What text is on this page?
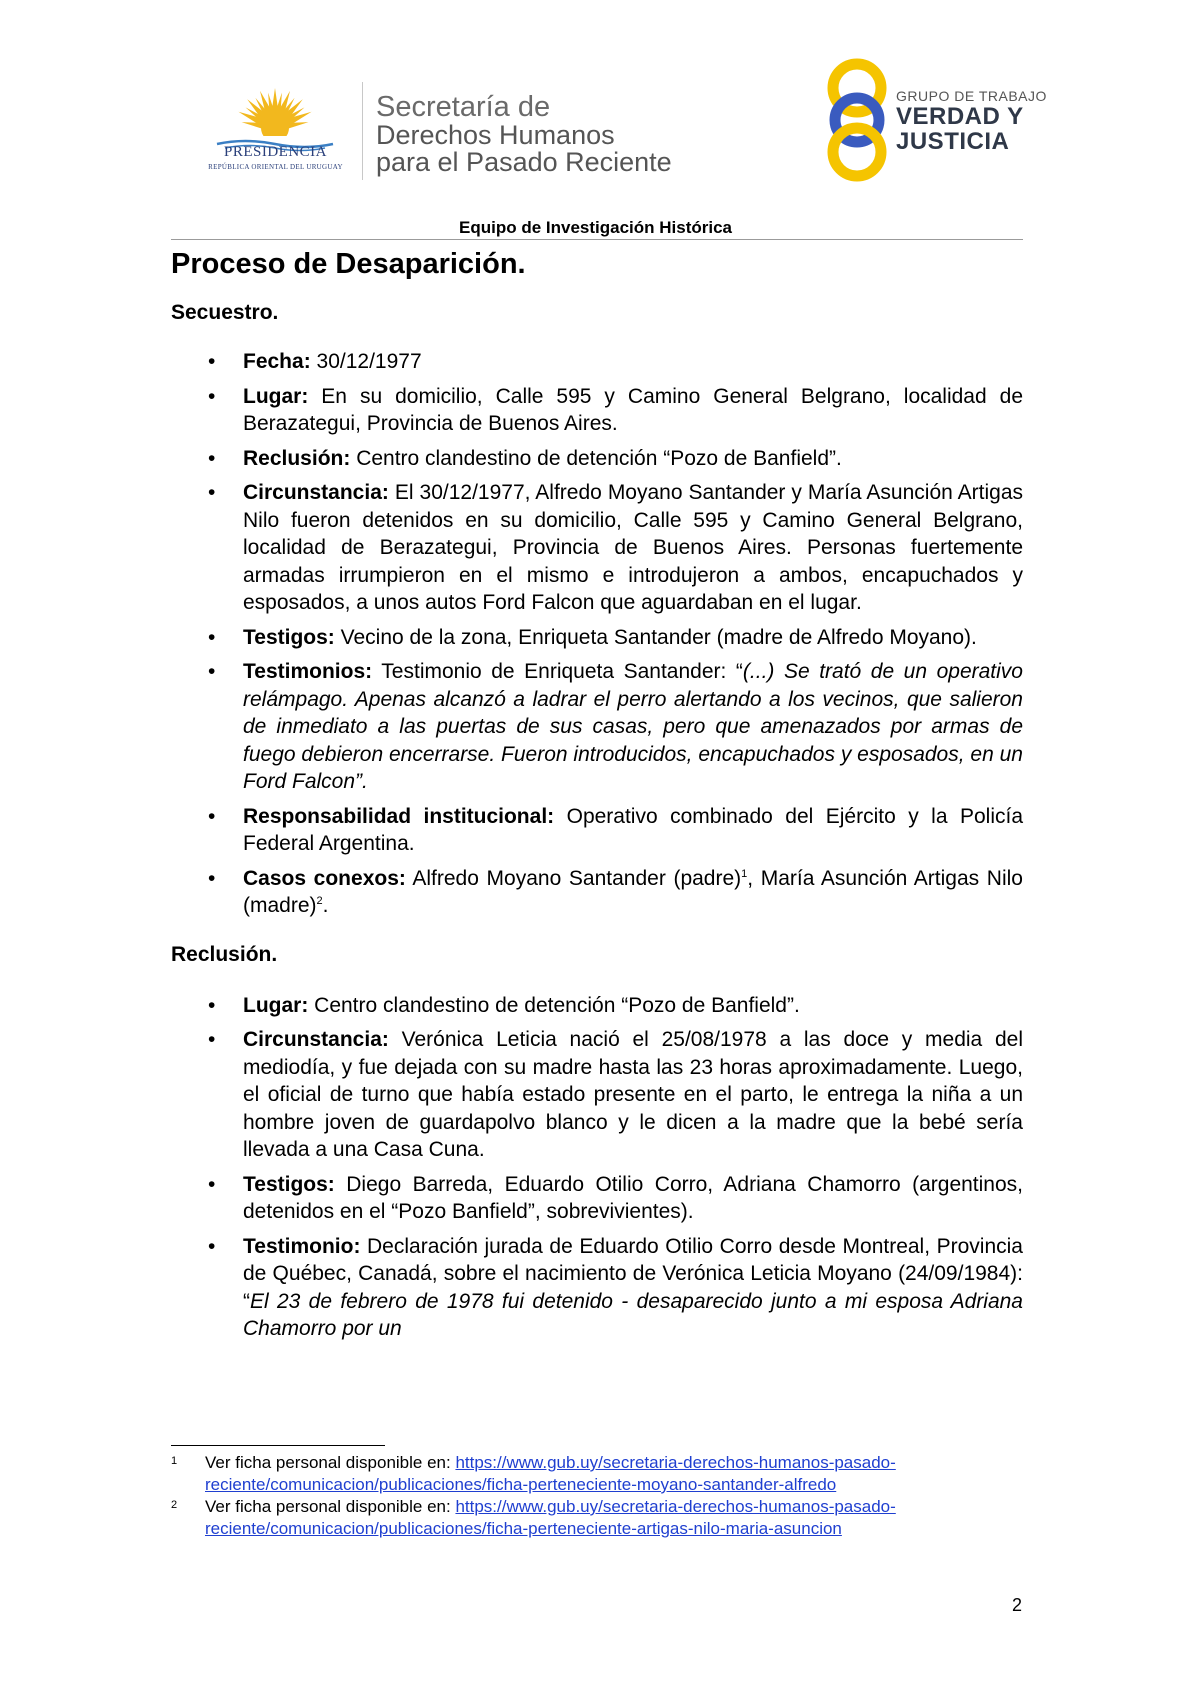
PRESIDENCIA
REPÚBLICA ORIENTAL DEL URUGUAY
Secretaría de
Derechos Humanos
para el Pasado Reciente
GRUPO DE TRABAJO
VERDAD Y
JUSTICIA
Equipo de Investigación Histórica
Proceso de Desaparición.
Secuestro.
• Fecha: 30/12/1977
• Lugar: En su domicilio, Calle 595 y Camino General Belgrano, localidad de Berazategui, Provincia de Buenos Aires.
• Reclusión: Centro clandestino de detención “Pozo de Banfield”.
• Circunstancia: El 30/12/1977, Alfredo Moyano Santander y María Asunción Artigas Nilo fueron detenidos en su domicilio, Calle 595 y Camino General Belgrano, localidad de Berazategui, Provincia de Buenos Aires. Personas fuertemente armadas irrumpieron en el mismo e introdujeron a ambos, encapuchados y esposados, a unos autos Ford Falcon que aguardaban en el lugar.
• Testigos: Vecino de la zona, Enriqueta Santander (madre de Alfredo Moyano).
• Testimonios: Testimonio de Enriqueta Santander: “(...) Se trató de un operativo relámpago. Apenas alcanzó a ladrar el perro alertando a los vecinos, que salieron de inmediato a las puertas de sus casas, pero que amenazados por armas de fuego debieron encerrarse. Fueron introducidos, encapuchados y esposados, en un Ford Falcon”.
• Responsabilidad institucional: Operativo combinado del Ejército y la Policía Federal Argentina.
• Casos conexos: Alfredo Moyano Santander (padre)$^1$, María Asunción Artigas Nilo (madre)$^2$.
Reclusión.
• Lugar: Centro clandestino de detención “Pozo de Banfield”.
• Circunstancia: Verónica Leticia nació el 25/08/1978 a las doce y media del mediodía, y fue dejada con su madre hasta las 23 horas aproximadamente. Luego, el oficial de turno que había estado presente en el parto, le entrega la niña a un hombre joven de guardapolvo blanco y le dicen a la madre que la bebé sería llevada a una Casa Cuna.
• Testigos: Diego Barreda, Eduardo Otilio Corro, Adriana Chamorro (argentinos, detenidos en el “Pozo Banfield”, sobrevivientes).
• Testimonio: Declaración jurada de Eduardo Otilio Corro desde Montreal, Provincia de Québec, Canadá, sobre el nacimiento de Verónica Leticia Moyano (24/09/1984): “El 23 de febrero de 1978 fui detenido - desaparecido junto a mi esposa Adriana Chamorro por un
1 Ver ficha personal disponible en: https://www.gub.uy/secretaria-derechos-humanos-pasado-reciente/comunicacion/publicaciones/ficha-perteneciente-moyano-santander-alfredo
2 Ver ficha personal disponible en: https://www.gub.uy/secretaria-derechos-humanos-pasado-reciente/comunicacion/publicaciones/ficha-perteneciente-artigas-nilo-maria-asuncion
2
